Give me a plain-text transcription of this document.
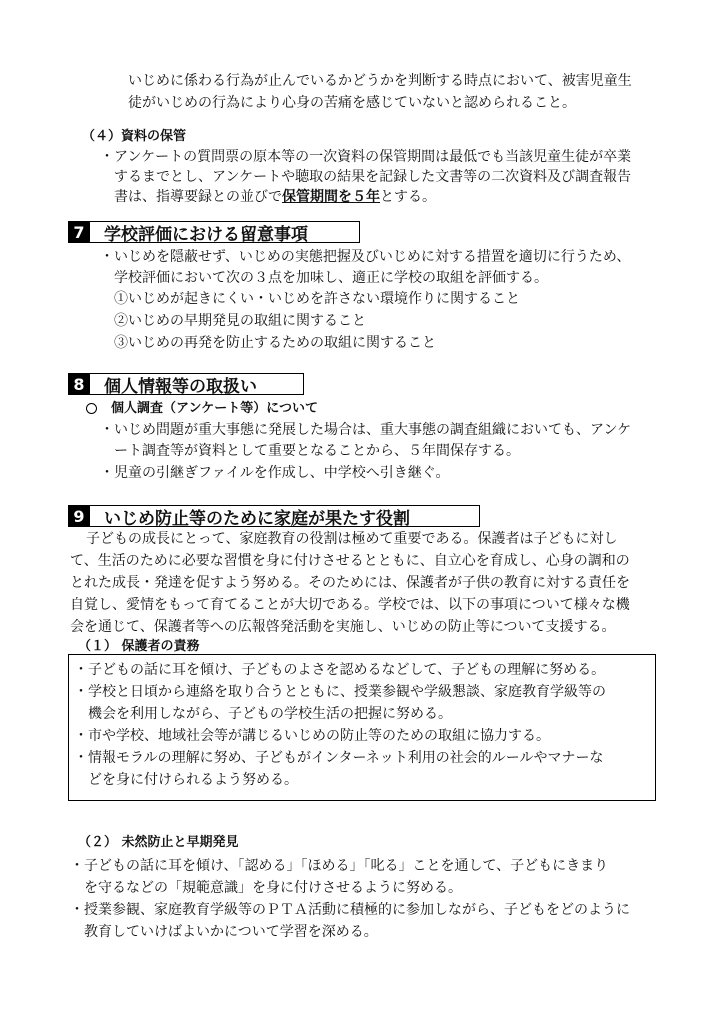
いじめに係わる行為が止んでいるかどうかを判断する時点において、被害児童生
徒がいじめの行為により心身の苦痛を感じていないと認められること。
（４）資料の保管
・アンケートの質問票の原本等の一次資料の保管期間は最低でも当該児童生徒が卒業
するまでとし、アンケートや聴取の結果を記録した文書等の二次資料及び調査報告
書は、指導要録との並びで保管期間を５年とする。
7	学校評価における留意事項
・いじめを隠蔽せず、いじめの実態把握及びいじめに対する措置を適切に行うため、
学校評価において次の３点を加味し、適正に学校の取組を評価する。
①いじめが起きにくい・いじめを許さない環境作りに関すること
②いじめの早期発見の取組に関すること
③いじめの再発を防止するための取組に関すること
8	個人情報等の取扱い
個人調査（アンケート等）について
・いじめ問題が重大事態に発展した場合は、重大事態の調査組織においても、アンケ
ート調査等が資料として重要となることから、５年間保存する。
・児童の引継ぎファイルを作成し、中学校へ引き継ぐ。
9	いじめ防止等のために家庭が果たす役割
子どもの成長にとって、家庭教育の役割は極めて重要である。保護者は子どもに対し
て、生活のために必要な習慣を身に付けさせるとともに、自立心を育成し、心身の調和の
とれた成長・発達を促すよう努める。そのためには、保護者が子供の教育に対する責任を
自覚し、愛情をもって育てることが大切である。学校では、以下の事項について様々な機
会を通じて、保護者等への広報啓発活動を実施し、いじめの防止等について支援する。
（１） 保護者の責務
・子どもの話に耳を傾け、子どものよさを認めるなどして、子どもの理解に努める。
・学校と日頃から連絡を取り合うとともに、授業参観や学級懇談、家庭教育学級等の
機会を利用しながら、子どもの学校生活の把握に努める。
・市や学校、地域社会等が講じるいじめの防止等のための取組に協力する。
・情報モラルの理解に努め、子どもがインターネット利用の社会的ルールやマナーな
どを身に付けられるよう努める。
（２） 未然防止と早期発見
・子どもの話に耳を傾け、「認める」「ほめる」「叱る」ことを通して、子どもにきまり
を守るなどの「規範意識」を身に付けさせるように努める。
・授業参観、家庭教育学級等のＰＴＡ活動に積極的に参加しながら、子どもをどのように
教育していけばよいかについて学習を深める。
